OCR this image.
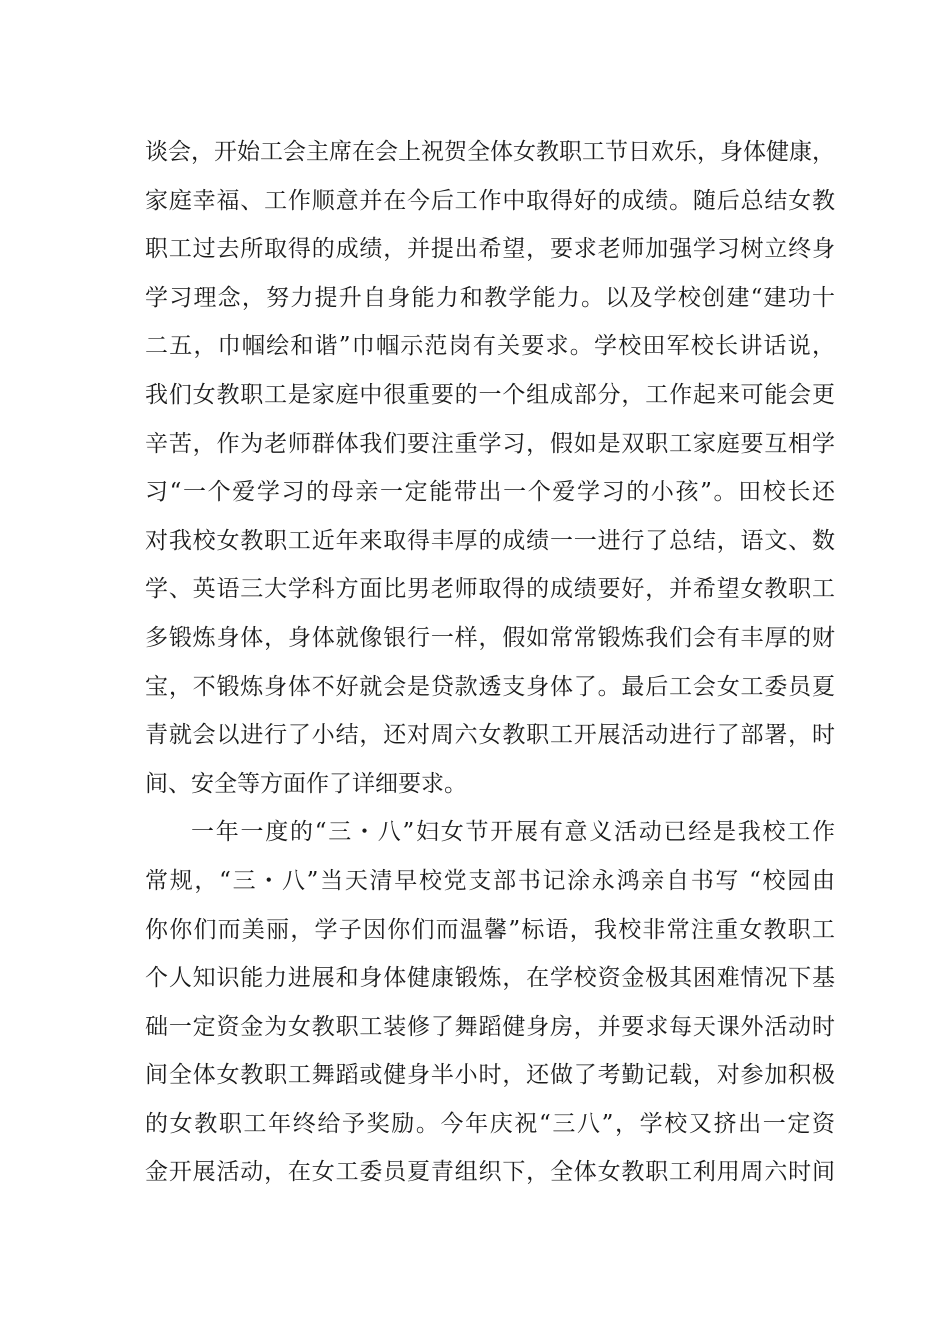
谈会，开始工会主席在会上祝贺全体女教职工节日欢乐，身体健康，
家庭幸福、工作顺意并在今后工作中取得好的成绩。随后总结女教
职工过去所取得的成绩，并提出希望，要求老师加强学习树立终身
学习理念，努力提升自身能力和教学能力。以及学校创建“建功十
二五，巾帼绘和谐”巾帼示范岗有关要求。学校田军校长讲话说，
我们女教职工是家庭中很重要的一个组成部分，工作起来可能会更
辛苦，作为老师群体我们要注重学习，假如是双职工家庭要互相学
习“一个爱学习的母亲一定能带出一个爱学习的小孩”。田校长还
对我校女教职工近年来取得丰厚的成绩一一进行了总结，语文、数
学、英语三大学科方面比男老师取得的成绩要好，并希望女教职工
多锻炼身体，身体就像银行一样，假如常常锻炼我们会有丰厚的财
宝，不锻炼身体不好就会是贷款透支身体了。最后工会女工委员夏
青就会以进行了小结，还对周六女教职工开展活动进行了部署，时
间、安全等方面作了详细要求。
一年一度的“三・八”妇女节开展有意义活动已经是我校工作
常规，“三・八”当天清早校党支部书记涂永鸿亲自书写 “校园由
你你们而美丽，学子因你们而温馨”标语，我校非常注重女教职工
个人知识能力进展和身体健康锻炼，在学校资金极其困难情况下基
础一定资金为女教职工装修了舞蹈健身房，并要求每天课外活动时
间全体女教职工舞蹈或健身半小时，还做了考勤记载，对参加积极
的女教职工年终给予奖励。今年庆祝“三八”，学校又挤出一定资
金开展活动，在女工委员夏青组织下，全体女教职工利用周六时间
